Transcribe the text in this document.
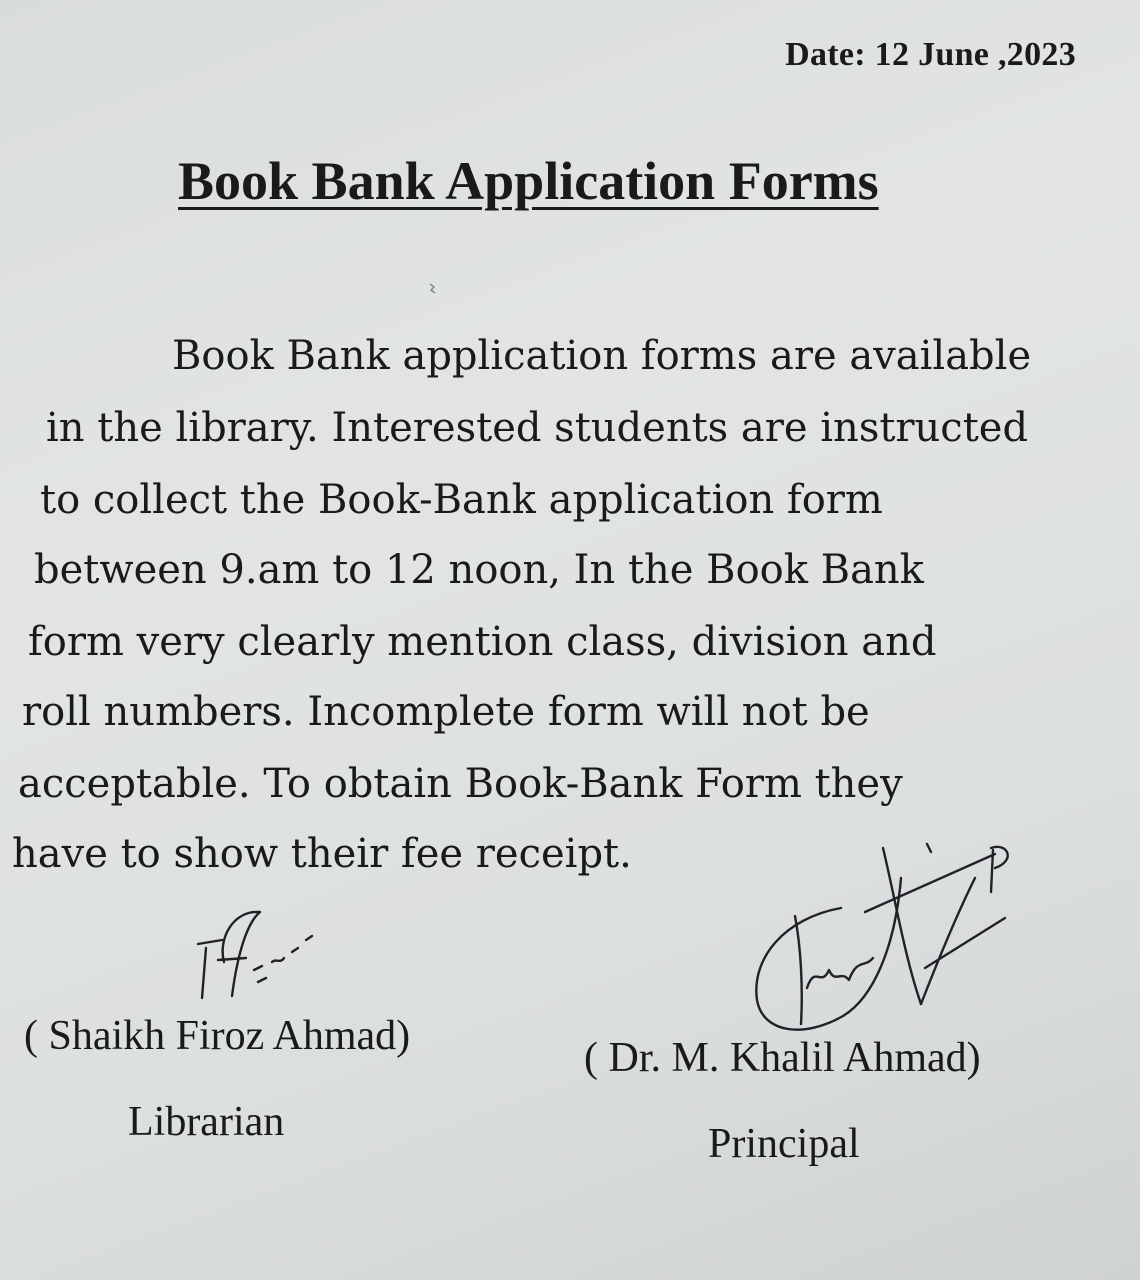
Date: 12 June ,2023
Book Bank Application Forms
Book Bank application forms are available
in the library. Interested students are instructed
to collect the Book-Bank application form
between 9.am to 12 noon, In the Book Bank
form very clearly mention class, division and
roll numbers. Incomplete form will not be
acceptable. To obtain Book-Bank Form they
have to show their fee receipt.
( Shaikh Firoz Ahmad)
Librarian
( Dr. M. Khalil Ahmad)
Principal
